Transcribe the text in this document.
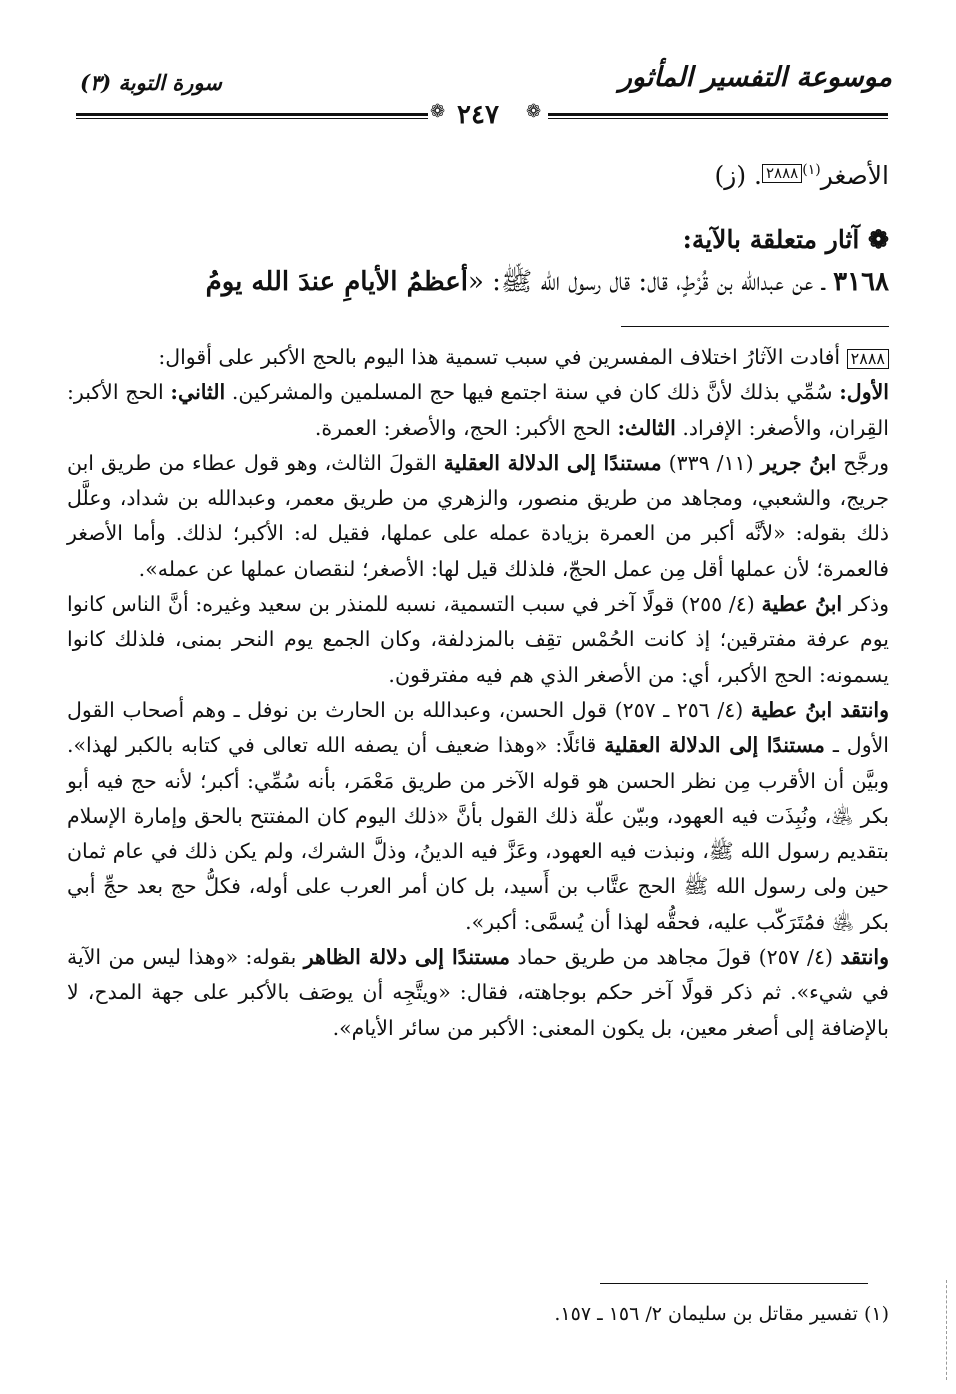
موسوعة التفسير المأثور
سورة التوبة (٣)
❁	❁
٢٤٧
الأصغر$^{(١)}$٢٨٨٨. (ز)
❁ آثار متعلقة بالآية:
٣١٦٨ ـ عن عبدالله بن قُرْطٍ، قال: قال رسول الله ﷺ: «أعظمُ الأيامِ عندَ الله يومُ

٢٨٨٨ أفادت الآثارُ اختلاف المفسرين في سبب تسمية هذا اليوم بالحج الأكبر على أقوال:

الأول: سُمِّي بذلك لأنَّ ذلك كان في سنة اجتمع فيها حج المسلمين والمشركين. الثاني: الحج الأكبر: القِران، والأصغر: الإفراد. الثالث: الحج الأكبر: الحج، والأصغر: العمرة.

ورجَّح ابنُ جرير (١١/ ٣٣٩) مستندًا إلى الدلالة العقلية القولَ الثالث، وهو قول عطاء من طريق ابن جريج، والشعبي، ومجاهد من طريق منصور، والزهري من طريق معمر، وعبدالله بن شداد، وعلَّل ذلك بقوله: «لأنَّه أكبر من العمرة بزيادة عمله على عملها، فقيل له: الأكبر؛ لذلك. وأما الأصغر فالعمرة؛ لأن عملها أقل مِن عمل الحجّ، فلذلك قيل لها: الأصغر؛ لنقصان عملها عن عمله».

وذكر ابنُ عطية (٤/ ٢٥٥) قولًا آخر في سبب التسمية، نسبه للمنذر بن سعيد وغيره: أنَّ الناس كانوا يوم عرفة مفترقين؛ إذ كانت الحُمْس تقِف بالمزدلفة، وكان الجمع يوم النحر بمنى، فلذلك كانوا يسمونه: الحج الأكبر، أي: من الأصغر الذي هم فيه مفترقون.

وانتقد ابنُ عطية (٤/ ٢٥٦ ـ ٢٥٧) قول الحسن، وعبدالله بن الحارث بن نوفل ـ وهم أصحاب القول الأول ـ مستندًا إلى الدلالة العقلية قائلًا: «وهذا ضعيف أن يصفه الله تعالى في كتابه بالكبر لهذا». وبيَّن أن الأقرب مِن نظر الحسن هو قوله الآخر من طريق مَعْمَر، بأنه سُمِّي: أكبر؛ لأنه حج فيه أبو بكر ﵁، ونُبِذَت فيه العهود، وبيّن علّة ذلك القول بأنَّ «ذلك اليوم كان المفتتح بالحق وإمارة الإسلام بتقديم رسول الله ﷺ، ونبذت فيه العهود، وعَزَّ فيه الدينُ، وذلَّ الشرك، ولم يكن ذلك في عام ثمان حين ولى رسول الله ﷺ الحج عتَّاب بن أَسيد، بل كان أمر العرب على أوله، فكلُّ حج بعد حجِّ أبي بكر ﵁ فمُتَرَكّب عليه، فحقُّه لهذا أن يُسمَّى: أكبر».

وانتقد (٤/ ٢٥٧) قولَ مجاهد من طريق حماد مستندًا إلى دلالة الظاهر بقوله: «وهذا ليس من الآية في شيء». ثم ذكر قولًا آخر حكم بوجاهته، فقال: «ويتَّجِه أن يوصَف بالأكبر على جهة المدح، لا بالإضافة إلى أصغر معين، بل يكون المعنى: الأكبر من سائر الأيام».

(١) تفسير مقاتل بن سليمان ٢/ ١٥٦ ـ ١٥٧.
